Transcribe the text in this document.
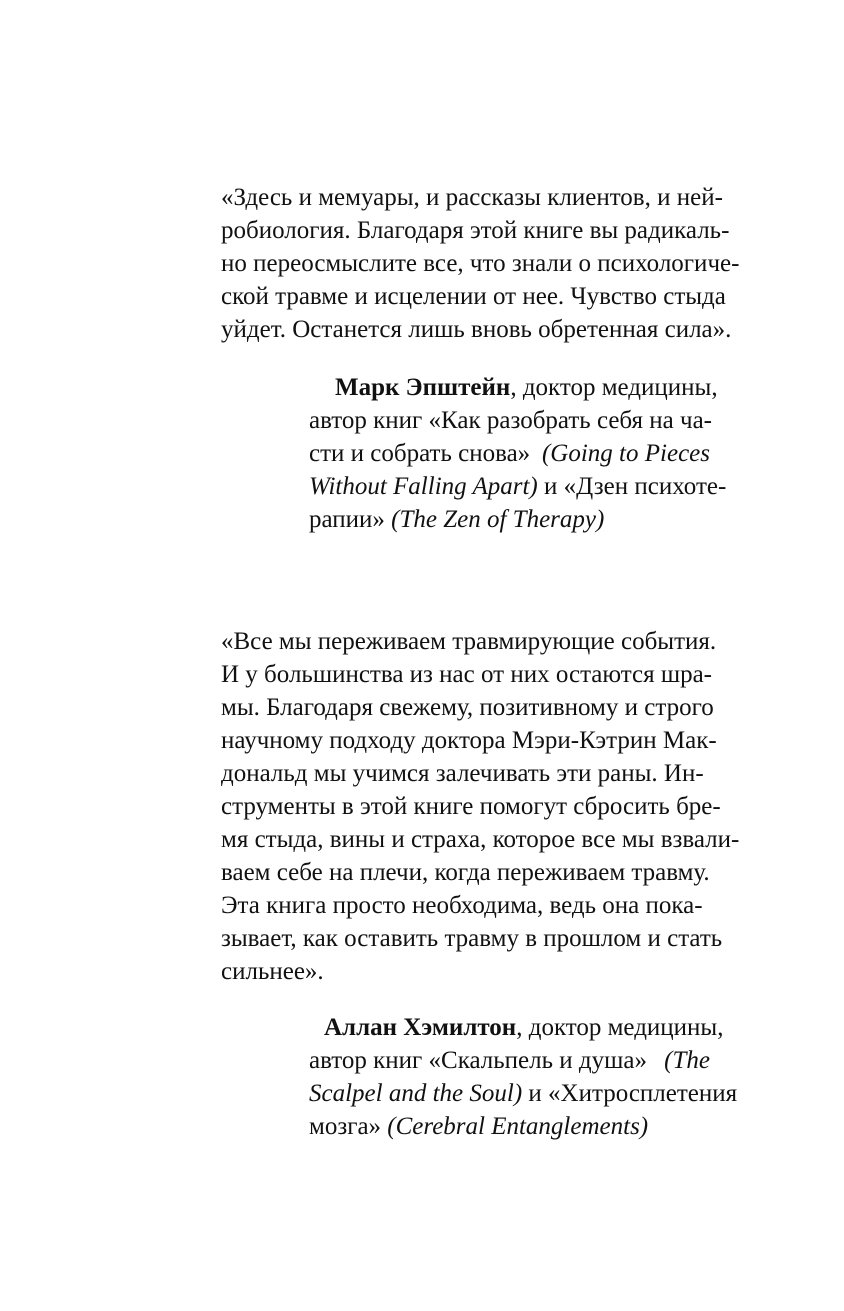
«Здесь и мемуары, и рассказы клиентов, и ней-

робиология. Благодаря этой книге вы радикаль-

но переосмыслите все, что знали о психологиче-

ской травме и исцелении от нее. Чувство стыда

уйдет. Останется лишь вновь обретенная сила».

Марк Эпштейн, доктор медицины,

автор книг «Как разобрать себя на ча-

сти и собрать снова» (Going to Pieces

Without Falling Apart) и «Дзен психоте-

рапии» (The Zen of Therapy)

«Все мы переживаем травмирующие события.

И у большинства из нас от них остаются шра-

мы. Благодаря свежему, позитивному и строго

научному подходу доктора Мэри-Кэтрин Мак-

дональд мы учимся залечивать эти раны. Ин-

струменты в этой книге помогут сбросить бре-

мя стыда, вины и страха, которое все мы взвали-

ваем себе на плечи, когда переживаем травму.

Эта книга просто необходима, ведь она пока-

зывает, как оставить травму в прошлом и стать

сильнее».

Аллан Хэмилтон, доктор медицины,

автор книг «Скальпель и душа» (The

Scalpel and the Soul) и «Хитросплетения

мозга» (Cerebral Entanglements)
